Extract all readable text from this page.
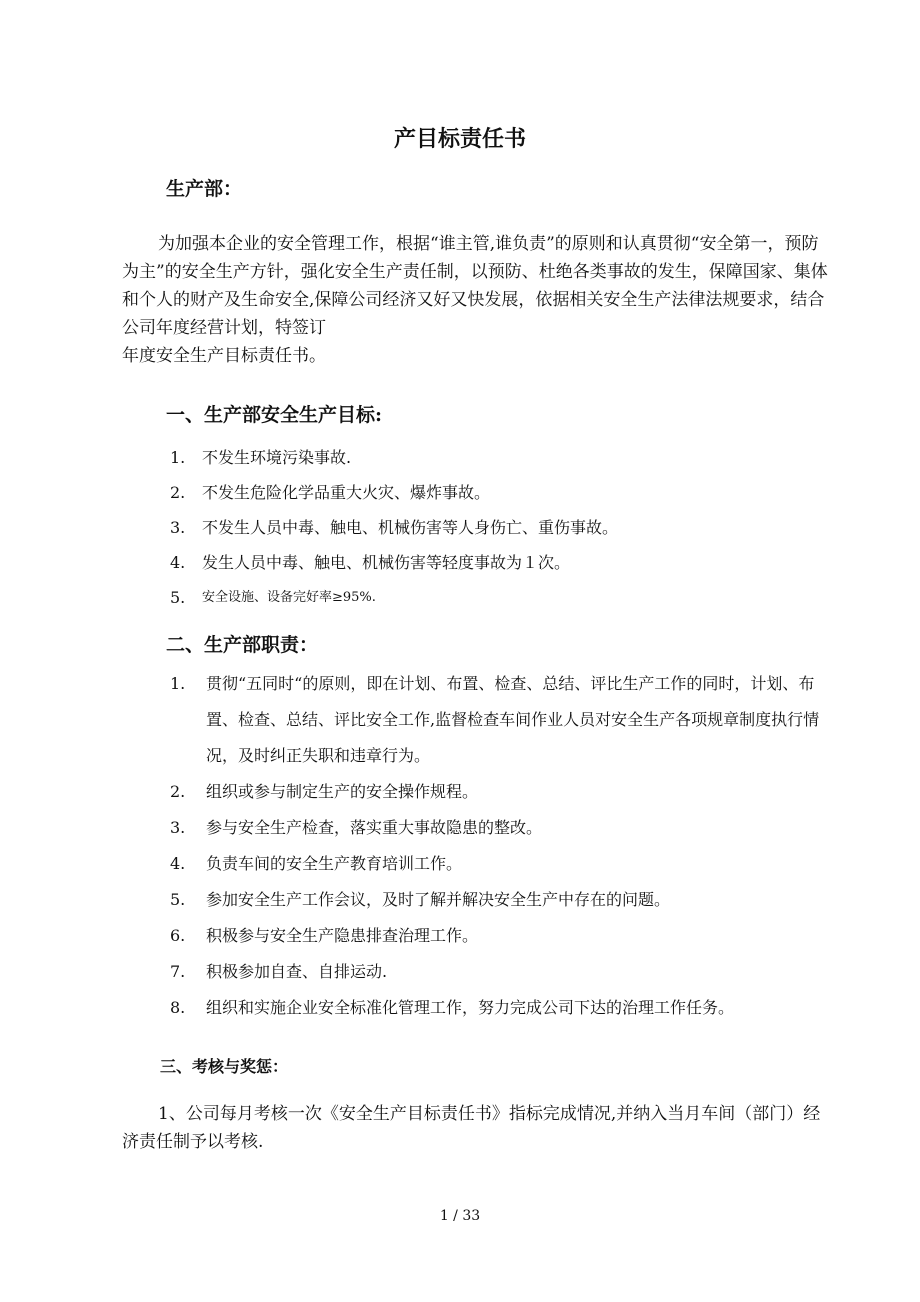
产目标责任书
生产部：

为加强本企业的安全管理工作，根据“谁主管,谁负责”的原则和认真贯彻“安全第一，预防为主”的安全生产方针，强化安全生产责任制，以预防、杜绝各类事故的发生，保障国家、集体和个人的财产及生命安全,保障公司经济又好又快发展，依据相关安全生产法律法规要求，结合公司年度经营计划，特签订

年度安全生产目标责任书。

一、生产部安全生产目标:
1.	不发生环境污染事故.
2.	不发生危险化学品重大火灾、爆炸事故。
3.	不发生人员中毒、触电、机械伤害等人身伤亡、重伤事故。
4.	发生人员中毒、触电、机械伤害等轻度事故为１次。
5.	安全设施、设备完好率≥95%.
二、生产部职责：
1.	贯彻“五同时“的原则，即在计划、布置、检查、总结、评比生产工作的同时，计划、布置、检查、总结、评比安全工作,监督检查车间作业人员对安全生产各项规章制度执行情况，及时纠正失职和违章行为。
2.	组织或参与制定生产的安全操作规程。
3.	参与安全生产检查，落实重大事故隐患的整改。
4.	负责车间的安全生产教育培训工作。
5.	参加安全生产工作会议，及时了解并解决安全生产中存在的问题。
6.	积极参与安全生产隐患排查治理工作。
7.	积极参加自查、自排运动.
8.	组织和实施企业安全标准化管理工作，努力完成公司下达的治理工作任务。
三、考核与奖惩：

1、公司每月考核一次《安全生产目标责任书》指标完成情况,并纳入当月车间（部门）经济责任制予以考核.

1 / 33
